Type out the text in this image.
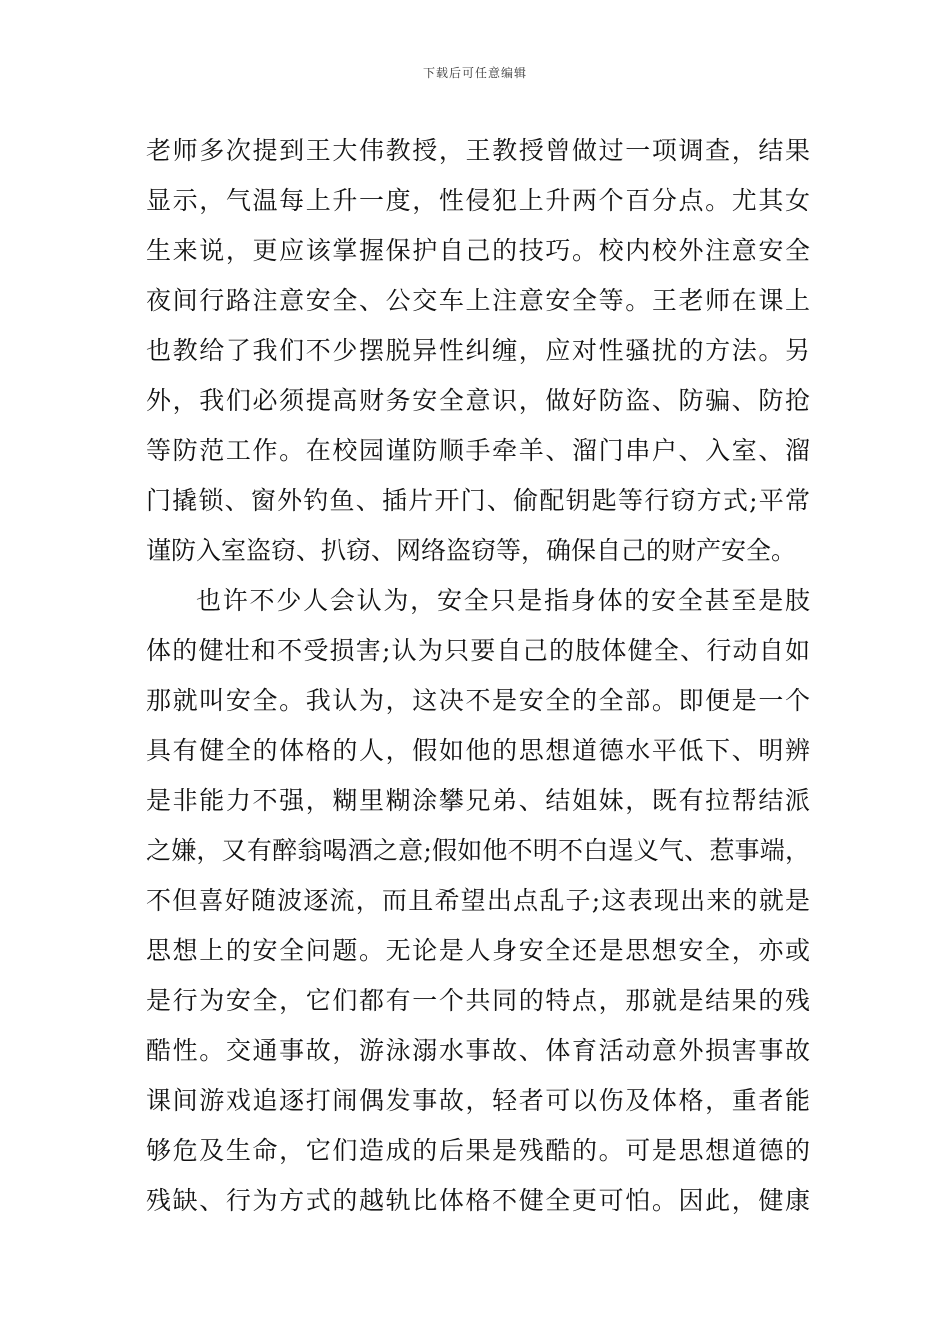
下载后可任意编辑
老师多次提到王大伟教授，王教授曾做过一项调查，结果
显示，气温每上升一度，性侵犯上升两个百分点。尤其女
生来说，更应该掌握保护自己的技巧。校内校外注意安全
夜间行路注意安全、公交车上注意安全等。王老师在课上
也教给了我们不少摆脱异性纠缠，应对性骚扰的方法。另
外，我们必须提高财务安全意识，做好防盗、防骗、防抢
等防范工作。在校园谨防顺手牵羊、溜门串户、入室、溜
门撬锁、窗外钓鱼、插片开门、偷配钥匙等行窃方式;平常
谨防入室盗窃、扒窃、网络盗窃等，确保自己的财产安全。
也许不少人会认为，安全只是指身体的安全甚至是肢
体的健壮和不受损害;认为只要自己的肢体健全、行动自如
那就叫安全。我认为，这决不是安全的全部。即便是一个
具有健全的体格的人，假如他的思想道德水平低下、明辨
是非能力不强，糊里糊涂攀兄弟、结姐妹，既有拉帮结派
之嫌，又有醉翁喝酒之意;假如他不明不白逞义气、惹事端，
不但喜好随波逐流，而且希望出点乱子;这表现出来的就是
思想上的安全问题。无论是人身安全还是思想安全，亦或
是行为安全，它们都有一个共同的特点，那就是结果的残
酷性。交通事故，游泳溺水事故、体育活动意外损害事故
课间游戏追逐打闹偶发事故，轻者可以伤及体格，重者能
够危及生命，它们造成的后果是残酷的。可是思想道德的
残缺、行为方式的越轨比体格不健全更可怕。因此，健康
